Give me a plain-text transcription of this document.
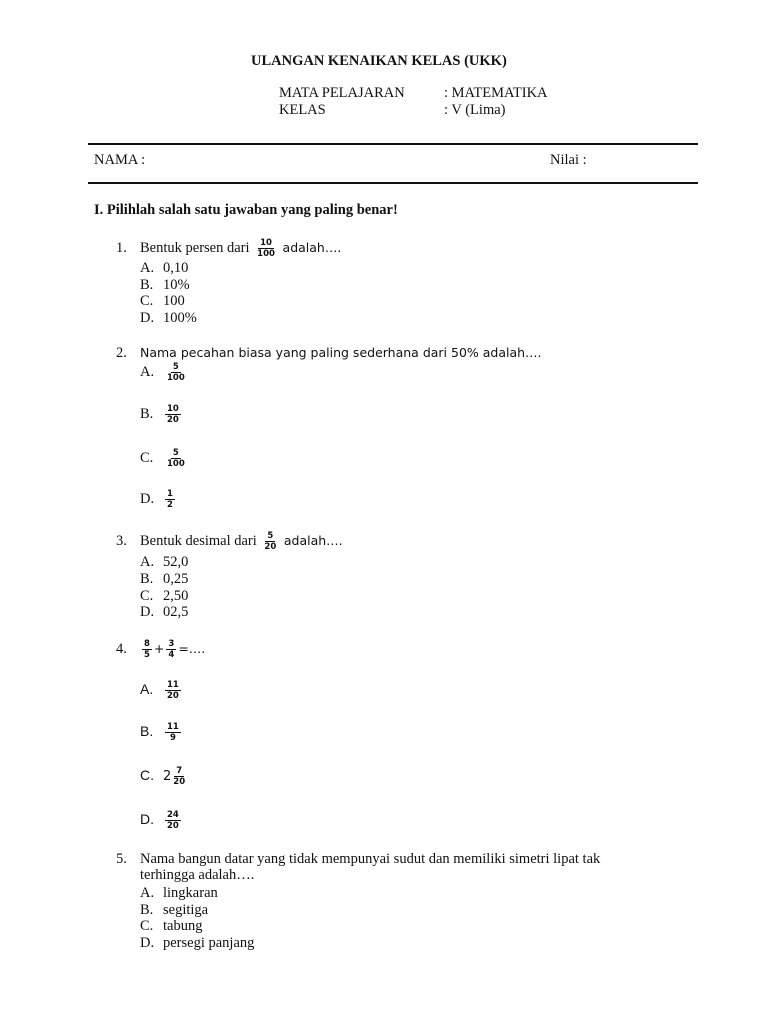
ULANGAN KENAIKAN KELAS (UKK)
MATA PELAJARAN	: MATEMATIKA
KELAS	: V (Lima)
NAMA :	Nilai :
I. Pilihlah salah satu jawaban yang paling benar!
1. Bentuk persen dari $\frac{10}{100}$ adalah….
A. 0,10
B. 10%
C. 100
D. 100%
2. Nama pecahan biasa yang paling sederhana dari 50% adalah….
A. $\frac{5}{100}$
B. $\frac{10}{20}$
C. $\frac{5}{100}$
D. $\frac{1}{2}$
3. Bentuk desimal dari $\frac{5}{20}$ adalah….
A. 52,0
B. 0,25
C. 2,50
D. 02,5
4. $\frac{8}{5} + \frac{3}{4}$ =….
A. $\frac{11}{20}$
B. $\frac{11}{9}$
C. $2 \frac{7}{20}$
D. $\frac{24}{20}$
5. Nama bangun datar yang tidak mempunyai sudut dan memiliki simetri lipat tak
terhingga adalah….
A. lingkaran
B. segitiga
C. tabung
D. persegi panjang
